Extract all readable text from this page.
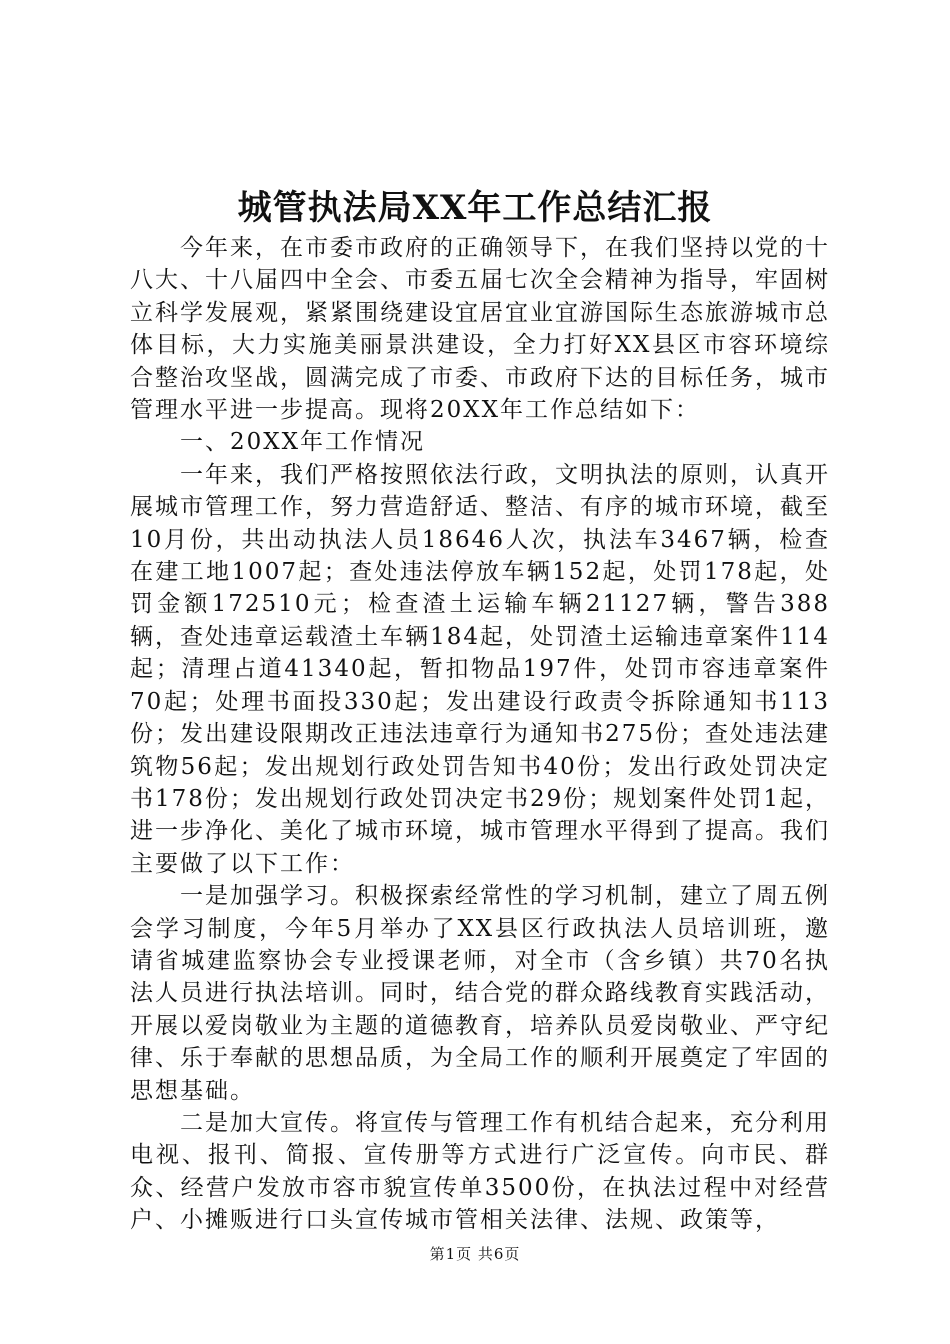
城管执法局XX年工作总结汇报

今年来，在市委市政府的正确领导下，在我们坚持以党的十八大、十八届四中全会、市委五届七次全会精神为指导，牢固树立科学发展观，紧紧围绕建设宜居宜业宜游国际生态旅游城市总体目标，大力实施美丽景洪建设，全力打好XX县区市容环境综合整治攻坚战，圆满完成了市委、市政府下达的目标任务，城市管理水平进一步提高。现将20XX年工作总结如下：

一、20XX年工作情况

一年来，我们严格按照依法行政，文明执法的原则，认真开展城市管理工作，努力营造舒适、整洁、有序的城市环境，截至10月份，共出动执法人员18646人次，执法车3467辆，检查在建工地1007起；查处违法停放车辆152起，处罚178起，处罚金额172510元；检查渣土运输车辆21127辆，警告388辆，查处违章运载渣土车辆184起，处罚渣土运输违章案件114起；清理占道41340起，暂扣物品197件，处罚市容违章案件70起；处理书面投330起；发出建设行政责令拆除通知书113份；发出建设限期改正违法违章行为通知书275份；查处违法建筑物56起；发出规划行政处罚告知书40份；发出行政处罚决定书178份；发出规划行政处罚决定书29份；规划案件处罚1起，进一步净化、美化了城市环境，城市管理水平得到了提高。我们主要做了以下工作：

一是加强学习。积极探索经常性的学习机制，建立了周五例会学习制度，今年5月举办了XX县区行政执法人员培训班，邀请省城建监察协会专业授课老师，对全市（含乡镇）共70名执法人员进行执法培训。同时，结合党的群众路线教育实践活动，开展以爱岗敬业为主题的道德教育，培养队员爱岗敬业、严守纪律、乐于奉献的思想品质，为全局工作的顺利开展奠定了牢固的思想基础。

二是加大宣传。将宣传与管理工作有机结合起来，充分利用电视、报刊、简报、宣传册等方式进行广泛宣传。向市民、群众、经营户发放市容市貌宣传单3500份，在执法过程中对经营户、小摊贩进行口头宣传城市管相关法律、法规、政策等，

第1页 共6页
